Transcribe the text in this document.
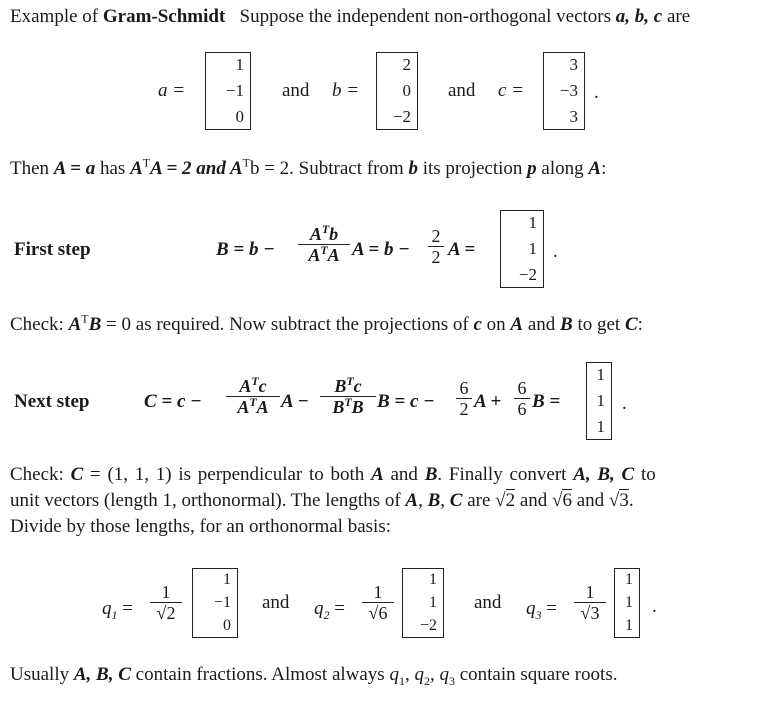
Example of Gram-Schmidt Suppose the independent non-orthogonal vectors a, b, c are
a =
1
−1
0
and b =
2
0
−2
and c =
3
−3
3
.
Then A = a has $A^TA = 2$ and $A^Tb = 2$. Subtract from b its projection p along A:
First step	B = b −
$A^Tb$
$A^TA$ A = b −
2
2 A =
1
1
−2
.
Check: $A^TB = 0$ as required. Now subtract the projections of c on A and B to get C:
Next step	C = c −
$A^Tc$
$A^TA$ A −
$B^Tc$
$B^TB$ B = c −
6
2 A +
6
6 B =
1
1
1
.
Check: C = (1, 1, 1) is perpendicular to both A and B. Finally convert A, B, C to
unit vectors (length 1, orthonormal). The lengths of A, B, C are √2 and √6 and √3.
Divide by those lengths, for an orthonormal basis:
$q_1$ =
1
√2
1
−1
0
and $q_2$ =
1
√6
1
1
−2
and $q_3$ =
1
√3
1
1
1
.
Usually A, B, C contain fractions. Almost always $q_1$, $q_2$, $q_3$ contain square roots.
